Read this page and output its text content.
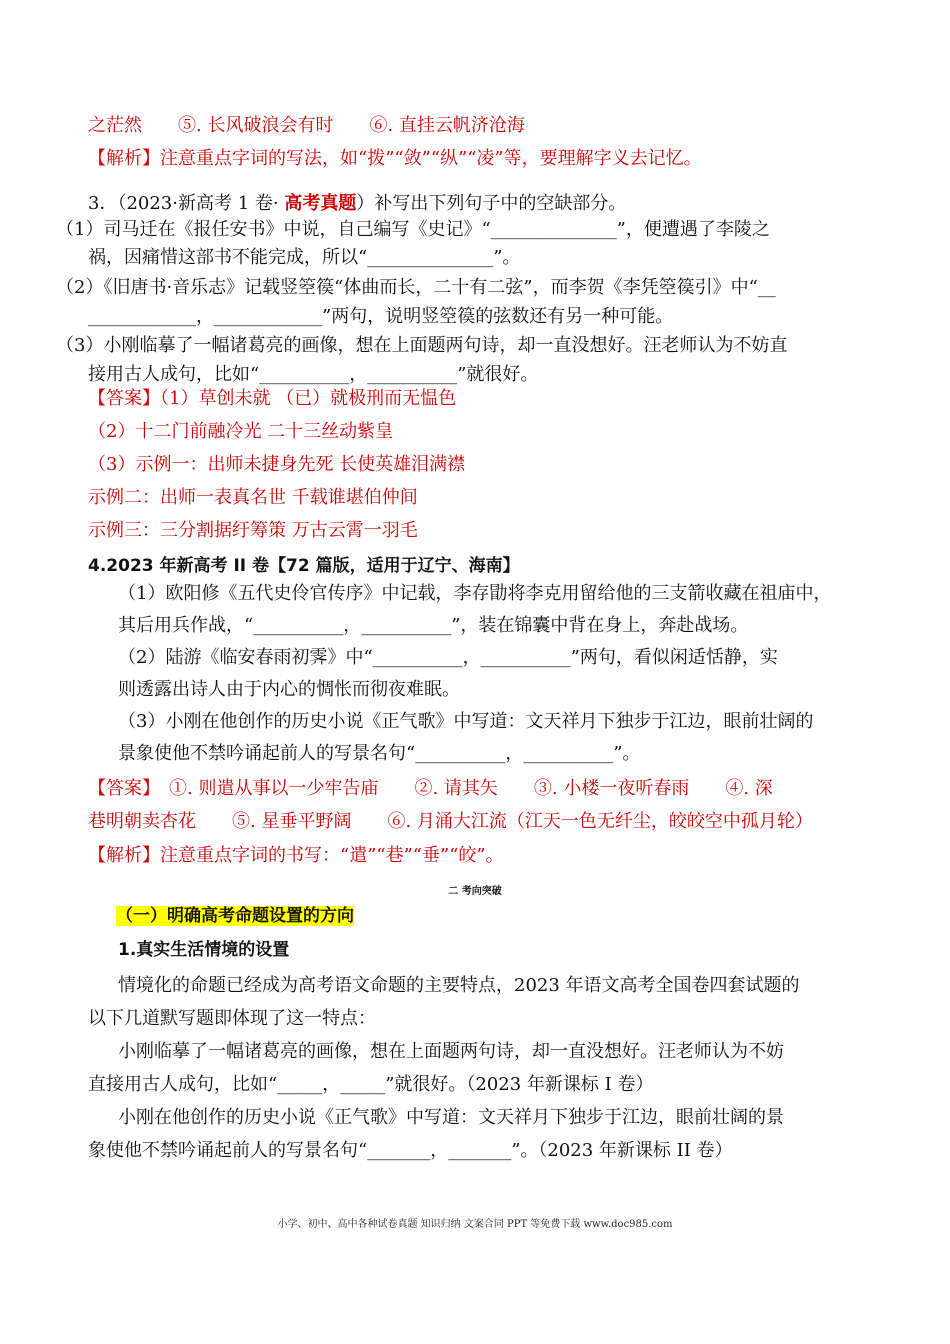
之茫然　　⑤. 长风破浪会有时　　⑥. 直挂云帆济沧海
【解析】注意重点字词的写法，如“拨”“敛”“纵”“凌”等，要理解字义去记忆。
3．（2023·新高考 1 卷· 高考真题）补写出下列句子中的空缺部分。
（1）司马迁在《报任安书》中说，自己编写《史记》“______________”，便遭遇了李陵之
祸，因痛惜这部书不能完成，所以“______________”。
（2）《旧唐书·音乐志》记载竖箜篌“体曲而长，二十有二弦”，而李贺《李凭箜篌引》中“__
____________，____________”两句，说明竖箜篌的弦数还有另一种可能。
（3）小刚临摹了一幅诸葛亮的画像，想在上面题两句诗，却一直没想好。汪老师认为不妨直
接用古人成句，比如“__________，__________”就很好。
【答案】（1）草创未就 （已）就极刑而无愠色
（2）十二门前融冷光 二十三丝动紫皇
（3）示例一：出师未捷身先死 长使英雄泪满襟
示例二：出师一表真名世 千载谁堪伯仲间
示例三：三分割据纡筹策 万古云霄一羽毛
4.2023 年新高考 II 卷【72 篇版，适用于辽宁、海南】
（1）欧阳修《五代史伶官传序》中记载，李存勖将李克用留给他的三支箭收藏在祖庙中，
其后用兵作战，“__________，__________”，装在锦囊中背在身上，奔赴战场。
（2）陆游《临安春雨初霁》中“__________，__________”两句，看似闲适恬静，实
则透露出诗人由于内心的惆怅而彻夜难眠。
（3）小刚在他创作的历史小说《正气歌》中写道：文天祥月下独步于江边，眼前壮阔的
景象使他不禁吟诵起前人的写景名句“__________，__________”。
【答案】　①. 则遣从事以一少牢告庙　　②. 请其矢　　③. 小楼一夜听春雨　　④. 深
巷明朝卖杏花　　⑤. 星垂平野阔　　⑥. 月涌大江流（江天一色无纤尘，皎皎空中孤月轮）
【解析】注意重点字词的书写：“遣”“巷”“垂”“皎”。
二 考向突破
（一）明确高考命题设置的方向
1.真实生活情境的设置
情境化的命题已经成为高考语文命题的主要特点，2023 年语文高考全国卷四套试题的
以下几道默写题即体现了这一特点：
小刚临摹了一幅诸葛亮的画像，想在上面题两句诗，却一直没想好。汪老师认为不妨
直接用古人成句，比如“_____，_____”就很好。（2023 年新课标 I 卷）
小刚在他创作的历史小说《正气歌》中写道：文天祥月下独步于江边，眼前壮阔的景
象使他不禁吟诵起前人的写景名句“_______，_______”。（2023 年新课标 II 卷）
小学、初中、高中各种试卷真题 知识归纳 文案合同 PPT 等免费下载 www.doc985.com
